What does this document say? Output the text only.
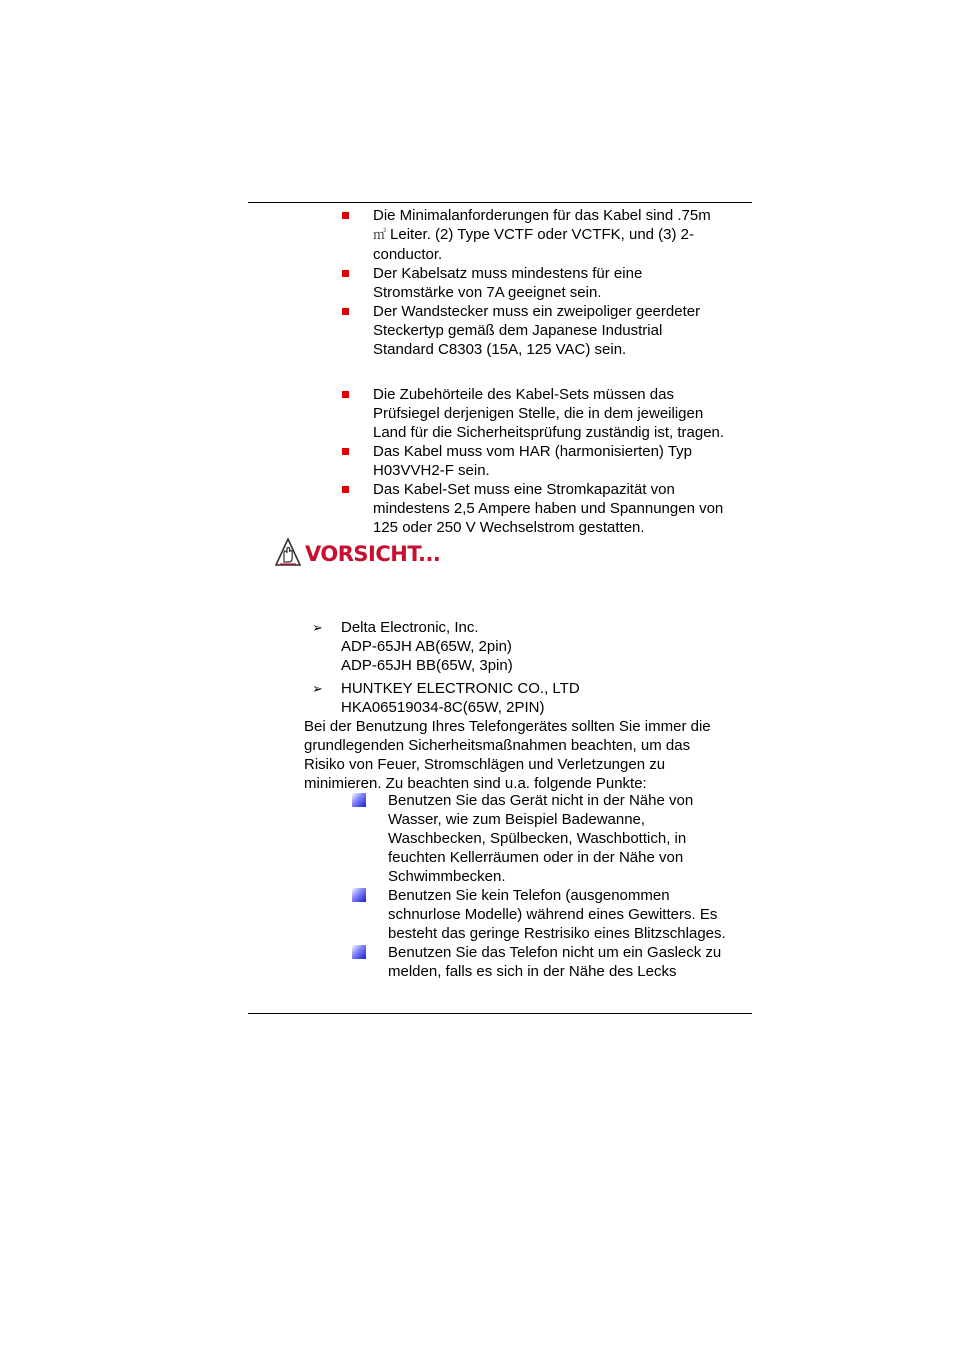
Die Minimalanforderungen für das Kabel sind .75m
㎡ Leiter. (2) Type VCTF oder VCTFK, und (3) 2-
conductor.
Der Kabelsatz muss mindestens für eine
Stromstärke von 7A geeignet sein.
Der Wandstecker muss ein zweipoliger geerdeter
Steckertyp gemäß dem Japanese Industrial
Standard C8303 (15A, 125 VAC) sein.
Die Zubehörteile des Kabel-Sets müssen das
Prüfsiegel derjenigen Stelle, die in dem jeweiligen
Land für die Sicherheitsprüfung zuständig ist, tragen.
Das Kabel muss vom HAR (harmonisierten) Typ
H03VVH2-F sein.
Das Kabel-Set muss eine Stromkapazität von
mindestens 2,5 Ampere haben und Spannungen von
125 oder 250 V Wechselstrom gestatten.
VORSICHT...
➢ Delta Electronic, Inc.
ADP-65JH AB(65W, 2pin)
ADP-65JH BB(65W, 3pin)
➢ HUNTKEY ELECTRONIC CO., LTD
HKA06519034-8C(65W, 2PIN)
Bei der Benutzung Ihres Telefongerätes sollten Sie immer die
grundlegenden Sicherheitsmaßnahmen beachten, um das
Risiko von Feuer, Stromschlägen und Verletzungen zu
minimieren. Zu beachten sind u.a. folgende Punkte:
Benutzen Sie das Gerät nicht in der Nähe von
Wasser, wie zum Beispiel Badewanne,
Waschbecken, Spülbecken, Waschbottich, in
feuchten Kellerräumen oder in der Nähe von
Schwimmbecken.
Benutzen Sie kein Telefon (ausgenommen
schnurlose Modelle) während eines Gewitters. Es
besteht das geringe Restrisiko eines Blitzschlages.
Benutzen Sie das Telefon nicht um ein Gasleck zu
melden, falls es sich in der Nähe des Lecks
